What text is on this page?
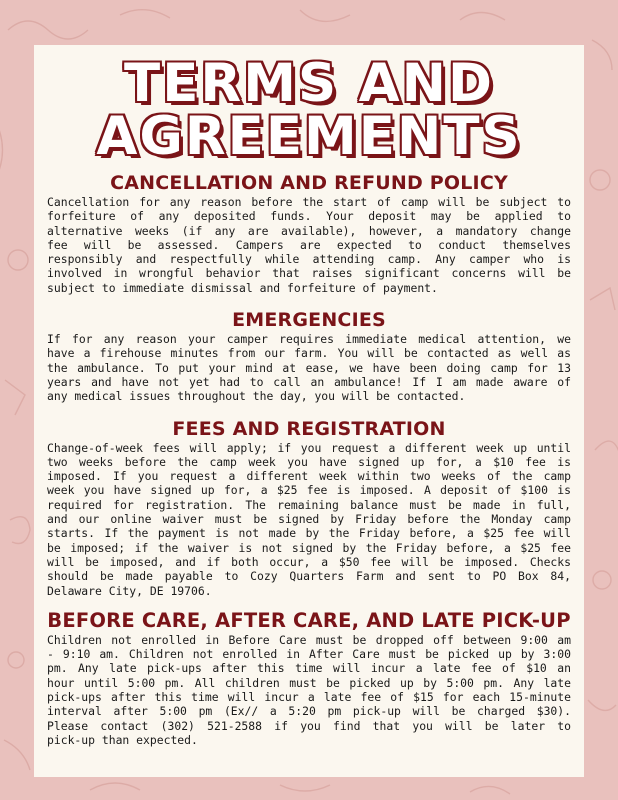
TERMS AND
AGREEMENTS
CANCELLATION AND REFUND POLICY
Cancellation for any reason before the start of camp will be subject to
forfeiture of any deposited funds. Your deposit may be applied to
alternative weeks (if any are available), however, a mandatory change
fee will be assessed. Campers are expected to conduct themselves
responsibly and respectfully while attending camp. Any camper who is
involved in wrongful behavior that raises significant concerns will be
subject to immediate dismissal and forfeiture of payment.
EMERGENCIES
If for any reason your camper requires immediate medical attention, we
have a firehouse minutes from our farm. You will be contacted as well as
the ambulance. To put your mind at ease, we have been doing camp for 13
years and have not yet had to call an ambulance! If I am made aware of
any medical issues throughout the day, you will be contacted.
FEES AND REGISTRATION
Change-of-week fees will apply; if you request a different week up until
two weeks before the camp week you have signed up for, a $10 fee is
imposed. If you request a different week within two weeks of the camp
week you have signed up for, a $25 fee is imposed. A deposit of $100 is
required for registration. The remaining balance must be made in full,
and our online waiver must be signed by Friday before the Monday camp
starts. If the payment is not made by the Friday before, a $25 fee will
be imposed; if the waiver is not signed by the Friday before, a $25 fee
will be imposed, and if both occur, a $50 fee will be imposed. Checks
should be made payable to Cozy Quarters Farm and sent to PO Box 84,
Delaware City, DE 19706.
BEFORE CARE, AFTER CARE, AND LATE PICK-UP
Children not enrolled in Before Care must be dropped off between 9:00 am
- 9:10 am. Children not enrolled in After Care must be picked up by 3:00
pm. Any late pick-ups after this time will incur a late fee of $10 an
hour until 5:00 pm. All children must be picked up by 5:00 pm. Any late
pick-ups after this time will incur a late fee of $15 for each 15-minute
interval after 5:00 pm (Ex// a 5:20 pm pick-up will be charged $30).
Please contact (302) 521-2588 if you find that you will be later to
pick-up than expected.
